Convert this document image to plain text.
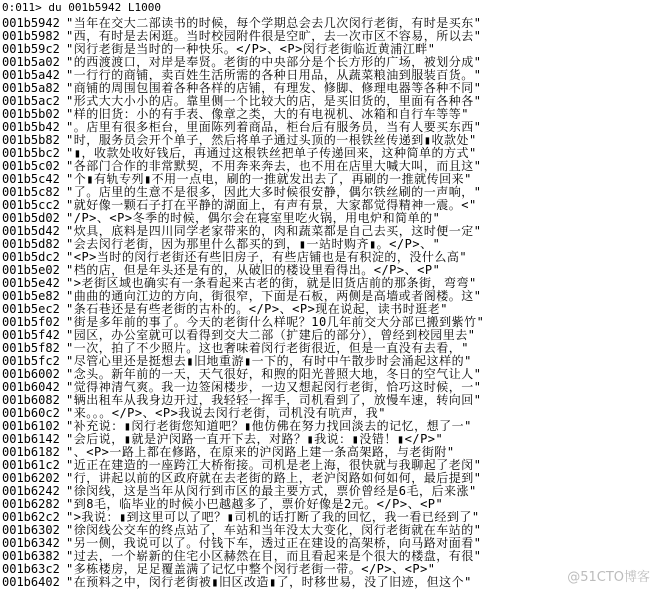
0:011> du 001b5942 L1000
001b5942 "当年在交大二部读书的时候，每个学期总会去几次闵行老街，有时是买东"
001b5982 "西，有时是去闲逛。当时校园附件很是空旷，去一次市区不容易，所以去"
001b59c2 "闵行老街是当时的一种快乐。</P>、<P>闵行老街临近黄浦江畔"
001b5a02 "的西渡渡口，对岸是奉贤。老街的中央部分是个长方形的广场，被划分成"
001b5a42 "一行行的商铺，卖百姓生活所需的各种日用品，从蔬菜粮油到服装百货。"
001b5a82 "商铺的周围包围着各种各样的店铺，有理发、修脚、修理电器等各种不同"
001b5ac2 "形式大大小小的店。靠里侧一个比较大的店，是买旧货的，里面有各种各"
001b5b02 "样的旧货：小的有手表、像章之类，大的有电视机、冰箱和自行车等等"
001b5b42 "。店里有很多柜台，里面陈列着商品，柜台后有服务员，当有人要买东西"
001b5b82 "时，服务员会开个单子，然后将单子通过头顶的一根铁丝传递到▮收款处"
001b5bc2 "▮，收款处收好钱后，再通过这根铁丝把单子传递回来，这种简单的方式"
001b5c02 "各部门合作的非常默契，不用奔来奔去，也不用在店里大喊大叫，而且这"
001b5c42 "个▮有轨专列▮不用一点电，刷的一推就发出去了，再刷的一推就传回来"
001b5c82 "了。店里的生意不是很多，因此大多时候很安静，偶尔铁丝刷的一声响，"
001b5cc2 "就好像一颗石子打在平静的湖面上，有声有景，大家都觉得精神一震。<"
001b5d02 "/P>、<P>冬季的时候，偶尔会在寝室里吃火锅，用电炉和简单的"
001b5d42 "炊具，底料是四川同学老家带来的，肉和蔬菜都是自己去买，这时便一定"
001b5d82 "会去闵行老街，因为那里什么都买的到，▮一站时购齐▮。</P>、"
001b5dc2 "<P>当时的闵行老街还有些旧房子，有些店铺也是有积淀的，没什么高"
001b5e02 "档的店，但是年头还是有的，从破旧的楼设里看得出。</P>、<P"
001b5e42 ">老街区域也确实有一条看起来古老的街，就是旧货店前的那条街，弯弯"
001b5e82 "曲曲的通向江边的方向，街很窄，下面是石板，两侧是高墙或者阁楼。这"
001b5ec2 "条石巷还是有些老街的古朴的。</P>、<P>现在说起，读书时逛老"
001b5f02 "街是多年前的事了。今天的老街什么样呢？10几年前交大分部已搬到紫竹"
001b5f42 "园区，办公室就可以看得到交大二部（扩建后的部分），曾经到校园里去"
001b5f82 "一次，拍了不少照片。这也奢味着闵行老街很近，但是一直没有去看，"
001b5fc2 "尽管心里还是挺想去▮旧地重游▮一下的，有时中午散步时会涌起这样的"
001b6002 "念头。新年前的一天，天气很好，和煦的阳光普照大地，冬日的空气让人"
001b6042 "觉得神清气爽。我一边签闲楼步，一边又想起闵行老街，恰巧这时候，一"
001b6082 "辆出租车从我身边开过，我轻轻一挥手，司机看到了，放慢车速，转向回"
001b60c2 "来。。。</P>、<P>我说去闵行老街，司机没有吭声，我"
001b6102 "补充说：▮闵行老街您知道吧？▮他仿佛在努力找回淡去的记忆，想了一"
001b6142 "会后说，▮就是沪闵路一直开下去，对路？▮我说：▮没错！▮</P>"
001b6182 "、<P>一路上都在修路，在原来的沪闵路上建一条高架路，与老街附"
001b61c2 "近正在建造的一座跨江大桥衔接。司机是老上海，很快就与我聊起了老闵"
001b6202 "行，讲起以前的区政府就在去老街的路上，老沪闵路如何如何，最后提到"
001b6242 "徐闵线，这是当年从闵行到市区的最主要方式，票价曾经是6毛，后来涨"
001b6282 "到8毛，临毕业的时候小巴越越多了，票价好像是2元。</P>、<P"
001b62c2 ">我说：▮到这里可以了吧？▮司机的话打断了我的回忆，我一看已经到了"
001b6302 "徐闵线公交车的终点站了，车站和当年没太大变化，闵行老街就在车站的"
001b6342 "另一侧，我说可以了。付钱下车，透过正在建设的高架桥，向马路对面看"
001b6382 "过去，一个崭新的住宅小区赫然在目，而且看起来是个很大的楼盘，有很"
001b63c2 "多栋楼房，足足覆盖满了记忆中整个闵行老街一带。</P>、<P>"
001b6402 "在预料之中，闵行老街被▮旧区改造▮了，时移世易，没了旧迹，但这个"	@51CTO博客
